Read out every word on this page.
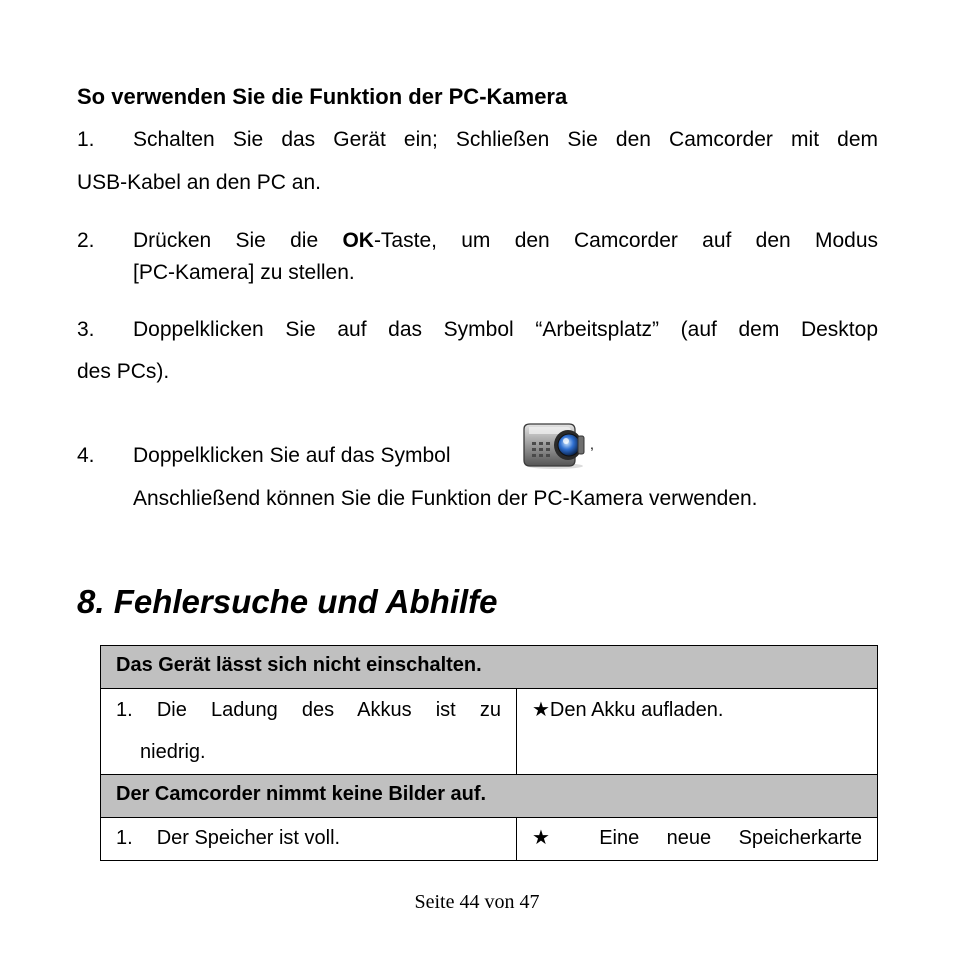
So verwenden Sie die Funktion der PC-Kamera
1. Schalten Sie das Gerät ein; Schließen Sie den Camcorder mit dem
USB-Kabel an den PC an.
2. Drücken Sie die OK-Taste, um den Camcorder auf den Modus
[PC-Kamera] zu stellen.
3. Doppelklicken Sie auf das Symbol “Arbeitsplatz” (auf dem Desktop
des PCs).
4. Doppelklicken Sie auf das Symbol	,
Anschließend können Sie die Funktion der PC-Kamera verwenden.
8. Fehlersuche und Abhilfe
Das Gerät lässt sich nicht einschalten.	

1. Die Ladung des Akkus ist zu
niedrig.	★Den Akku aufladen.
Der Camcorder nimmt keine Bilder auf.	
1. Der Speicher ist voll.	★ Eine neue Speicherkarte
Seite 44 von 47
